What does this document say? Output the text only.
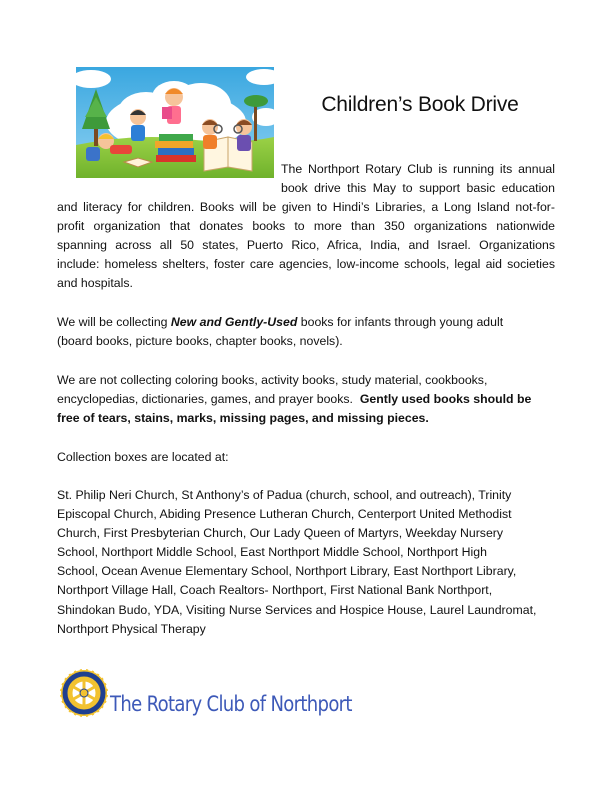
Children’s Book Drive
The Northport Rotary Club is running its annual
book drive this May to support basic education
and literacy for children. Books will be given to Hindi’s Libraries, a Long Island not-for-
profit organization that donates books to more than 350 organizations nationwide
spanning across all 50 states, Puerto Rico, Africa, India, and Israel. Organizations
include: homeless shelters, foster care agencies, low-income schools, legal aid societies
and hospitals.
We will be collecting New and Gently-Used books for infants through young adult
(board books, picture books, chapter books, novels).
We are not collecting coloring books, activity books, study material, cookbooks,
encyclopedias, dictionaries, games, and prayer books.  Gently used books should be
free of tears, stains, marks, missing pages, and missing pieces.
Collection boxes are located at:
St. Philip Neri Church, St Anthony’s of Padua (church, school, and outreach), Trinity
Episcopal Church, Abiding Presence Lutheran Church, Centerport United Methodist
Church, First Presbyterian Church, Our Lady Queen of Martyrs, Weekday Nursery
School, Northport Middle School, East Northport Middle School, Northport High
School, Ocean Avenue Elementary School, Northport Library, East Northport Library,
Northport Village Hall, Coach Realtors- Northport, First National Bank Northport,
Shindokan Budo, YDA, Visiting Nurse Services and Hospice House, Laurel Laundromat,
Northport Physical Therapy
The Rotary Club of Northport
